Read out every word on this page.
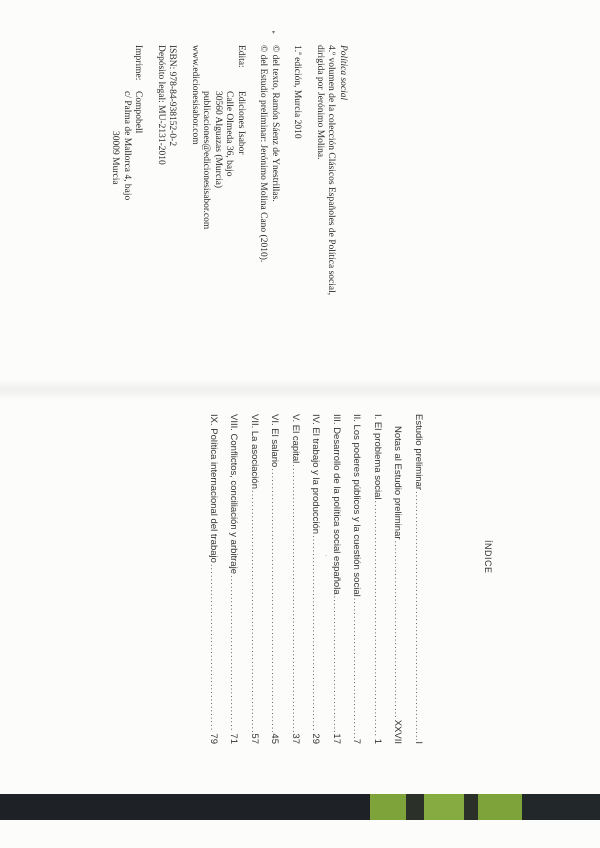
Política social

4.º volumen de la colección Clásicos Españoles de Política social,

dirigida por Jerónimo Molina.

1.ª edición, Murcia 2010

© del texto, Ramón Sáenz de Ynestrillas.

© del Estudio preliminar: Jerónimo Molina Cano (2010).

Edita:Ediciones Isabor

Calle Olmeda 36, bajo

30560 Alguazas (Murcia)

publicaciones@edicionesisabor.com

www.edicionesisabor.com

ISBN: 978-84-938152-0-2

Depósito legal: MU-2131-2010

Imprime:Compobell

c/ Palma de Mallorca 4, bajo

30009 Murcia

ÍNDICE
Estudio preliminar
.....
I
Notas al Estudio preliminar
.....
XXVII
I. El problema social
.....
1
II. Los poderes públicos y la cuestión social
.....
7
III. Desarrollo de la política social española
.....
17
IV. El trabajo y la producción
.....
29
V. El capital
.....
37
VI. El salario
.....
45
VII. La asociación
.....
57
VIII. Conflictos, conciliación y arbitraje
.....
71
IX. Política internacional del trabajo
.....
79
▾
·
